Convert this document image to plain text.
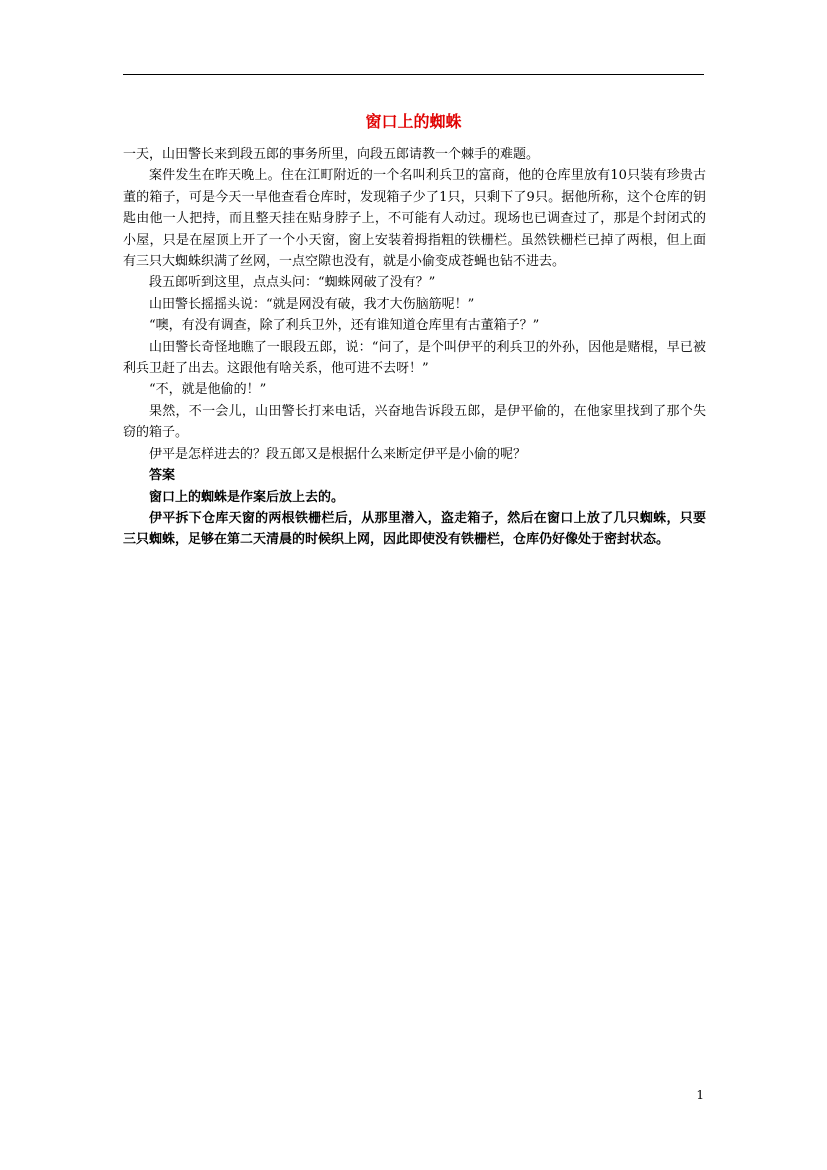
窗口上的蜘蛛

一天，山田警长来到段五郎的事务所里，向段五郎请教一个棘手的难题。

案件发生在昨天晚上。住在江町附近的一个名叫利兵卫的富商，他的仓库里放有10只装有珍贵古董的箱子，可是今天一早他查看仓库时，发现箱子少了1只，只剩下了9只。据他所称，这个仓库的钥匙由他一人把持，而且整天挂在贴身脖子上，不可能有人动过。现场也已调查过了，那是个封闭式的小屋，只是在屋顶上开了一个小天窗，窗上安装着拇指粗的铁栅栏。虽然铁栅栏已掉了两根，但上面有三只大蜘蛛织满了丝网，一点空隙也没有，就是小偷变成苍蝇也钻不进去。

段五郎听到这里，点点头问：“蜘蛛网破了没有？”

山田警长摇摇头说：“就是网没有破，我才大伤脑筋呢！”

“噢，有没有调查，除了利兵卫外，还有谁知道仓库里有古董箱子？”

山田警长奇怪地瞧了一眼段五郎，说：“问了，是个叫伊平的利兵卫的外孙，因他是赌棍，早已被利兵卫赶了出去。这跟他有啥关系，他可进不去呀！”

“不，就是他偷的！”

果然，不一会儿，山田警长打来电话，兴奋地告诉段五郎，是伊平偷的，在他家里找到了那个失窃的箱子。

伊平是怎样进去的？段五郎又是根据什么来断定伊平是小偷的呢？

答案

窗口上的蜘蛛是作案后放上去的。

伊平拆下仓库天窗的两根铁栅栏后，从那里潜入，盗走箱子，然后在窗口上放了几只蜘蛛，只要三只蜘蛛，足够在第二天清晨的时候织上网，因此即使没有铁栅栏，仓库仍好像处于密封状态。

1
